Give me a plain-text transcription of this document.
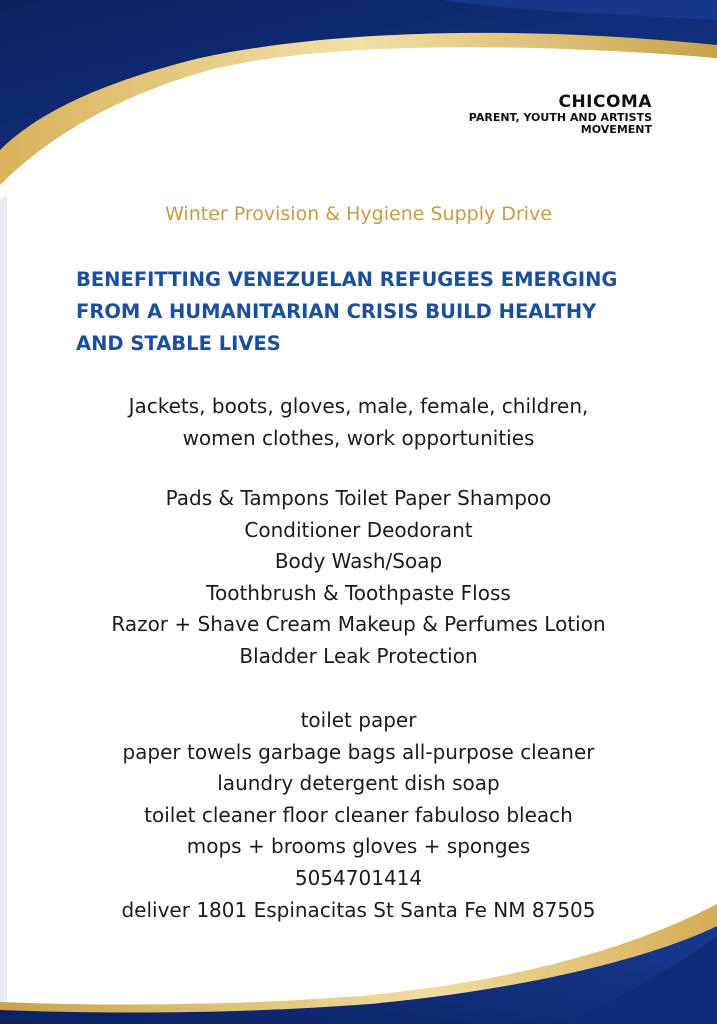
CHICOMA
PARENT, YOUTH AND ARTISTS
MOVEMENT
Winter Provision & Hygiene Supply Drive
BENEFITTING VENEZUELAN REFUGEES EMERGING
FROM A HUMANITARIAN CRISIS BUILD HEALTHY
AND STABLE LIVES
Jackets, boots, gloves, male, female, children,
women clothes, work opportunities
Pads & Tampons Toilet Paper Shampoo
Conditioner Deodorant
Body Wash/Soap
Toothbrush & Toothpaste Floss
Razor + Shave Cream Makeup & Perfumes Lotion
Bladder Leak Protection
toilet paper
paper towels garbage bags all-purpose cleaner
laundry detergent dish soap
toilet cleaner floor cleaner fabuloso bleach
mops + brooms gloves + sponges
5054701414
deliver 1801 Espinacitas St Santa Fe NM 87505
